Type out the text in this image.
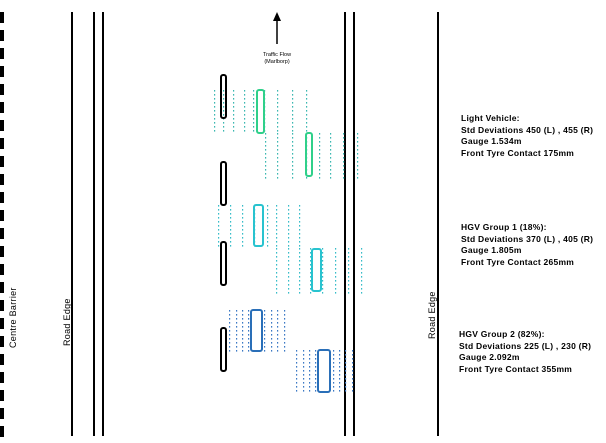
Traffic Flow
(Marlborp)
Centre Barrier	Road Edge	Road Edge
Light Vehicle:
Std Deviations 450 (L) , 455 (R)
Gauge 1.534m
Front Tyre Contact 175mm
HGV Group 1 (18%):
Std Deviations 370 (L) , 405 (R)
Gauge 1.805m
Front Tyre Contact 265mm
HGV Group 2 (82%):
Std Deviations 225 (L) , 230 (R)
Gauge 2.092m
Front Tyre Contact 355mm
